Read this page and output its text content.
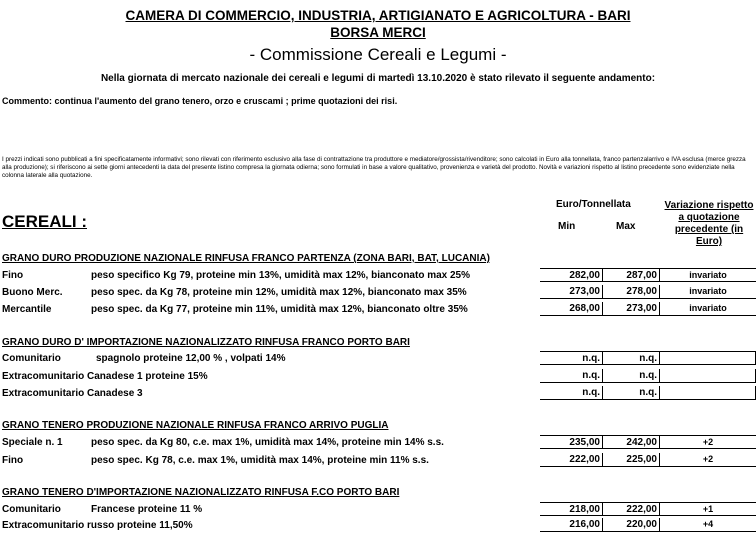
CAMERA DI COMMERCIO, INDUSTRIA, ARTIGIANATO E AGRICOLTURA - BARI
BORSA MERCI
- Commissione Cereali e Legumi -
Nella giornata di mercato nazionale dei cereali e legumi di martedì 13.10.2020 è stato rilevato il seguente andamento:
Commento: continua l'aumento del grano tenero, orzo e cruscami ; prime quotazioni dei risi.
I prezzi indicati sono pubblicati a fini specificatamente informativi; sono rilevati con riferimento esclusivo alla fase di contrattazione tra produttore e mediatore/grossista/rivenditore; sono calcolati in Euro alla tonnellata, franco partenzalarrivo e IVA esclusa (merce grezza alla produzione); si riferiscono ai sette giorni antecedenti la data del presente listino compresa la giornata odierna; sono formulati in base a valore qualitativo, provenienza e varietà del prodotto. Novità e variazioni rispetto al listino precedente sono evidenziate nella colonna laterale alla quotazione.
CEREALI :
Euro/Tonnellata
Min	Max
Variazione rispetto a quotazione precedente (in Euro)
GRANO DURO PRODUZIONE NAZIONALE RINFUSA FRANCO PARTENZA (ZONA BARI, BAT, LUCANIA)
Fino	peso specifico Kg 79, proteine min 13%, umidità max 12%, bianconato max 25%	282,00	287,00	invariato
Buono Merc.	peso spec. da Kg 78, proteine min 12%, umidità max 12%, bianconato max 35%	273,00	278,00	invariato
Mercantile	peso spec. da Kg 77, proteine min 11%, umidità max 12%, bianconato oltre 35%	268,00	273,00	invariato
GRANO DURO D' IMPORTAZIONE NAZIONALIZZATO RINFUSA FRANCO PORTO BARI
Comunitario	spagnolo proteine 12,00 % , volpati 14%	n.q.	n.q.
Extracomunitario Canadese 1 proteine 15%	n.q.	n.q.
Extracomunitario Canadese 3	n.q.	n.q.
GRANO TENERO PRODUZIONE NAZIONALE RINFUSA FRANCO ARRIVO PUGLIA
Speciale n. 1	peso spec. da Kg 80, c.e. max 1%, umidità max 14%, proteine min 14% s.s.	235,00	242,00	+2
Fino	peso spec. Kg 78, c.e. max 1%, umidità max 14%, proteine min 11% s.s.	222,00	225,00	+2
GRANO TENERO D'IMPORTAZIONE NAZIONALIZZATO RINFUSA F.CO PORTO BARI
Comunitario	Francese proteine 11 %	218,00	222,00	+1
Extracomunitario russo proteine 11,50%	216,00	220,00	+4
